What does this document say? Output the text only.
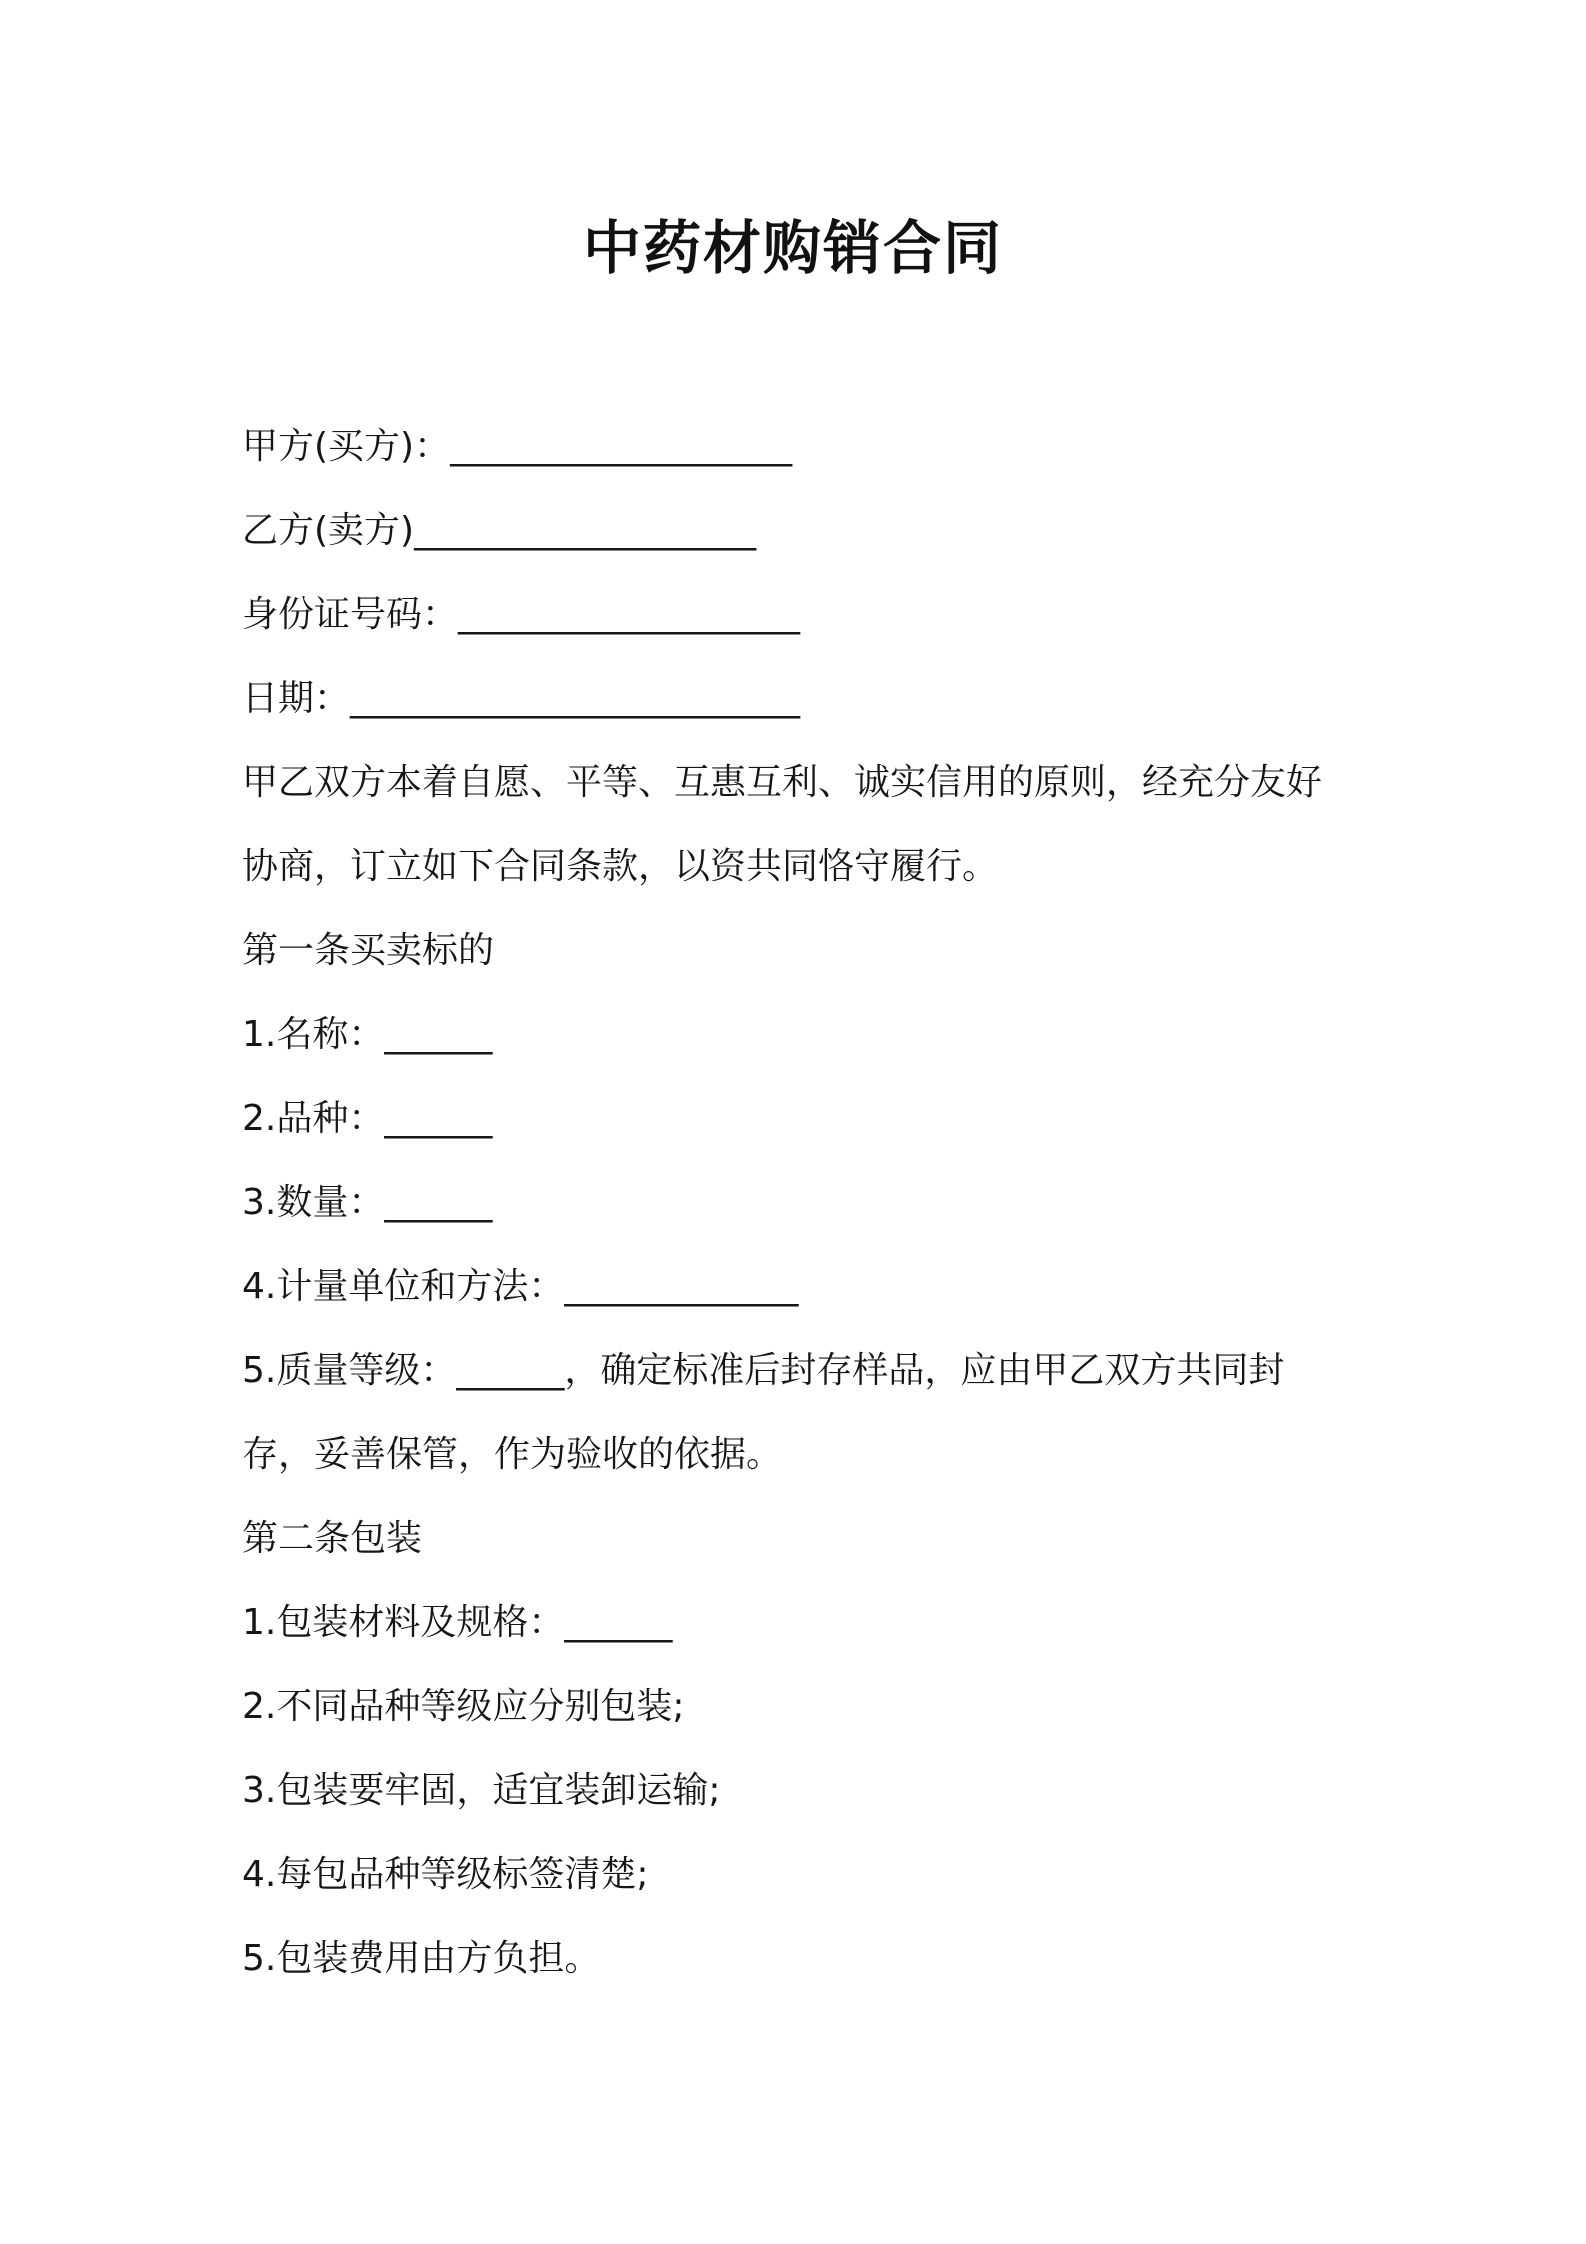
中药材购销合同
甲方(买方)：___________________
乙方(卖方)___________________
身份证号码：___________________
日期：_________________________
甲乙双方本着自愿、平等、互惠互利、诚实信用的原则，经充分友好
协商，订立如下合同条款，以资共同恪守履行。
第一条买卖标的
1.名称：______
2.品种：______
3.数量：______
4.计量单位和方法：_____________
5.质量等级：______，确定标准后封存样品，应由甲乙双方共同封
存，妥善保管，作为验收的依据。
第二条包装
1.包装材料及规格：______
2.不同品种等级应分别包装;
3.包装要牢固，适宜装卸运输;
4.每包品种等级标签清楚;
5.包装费用由方负担。
